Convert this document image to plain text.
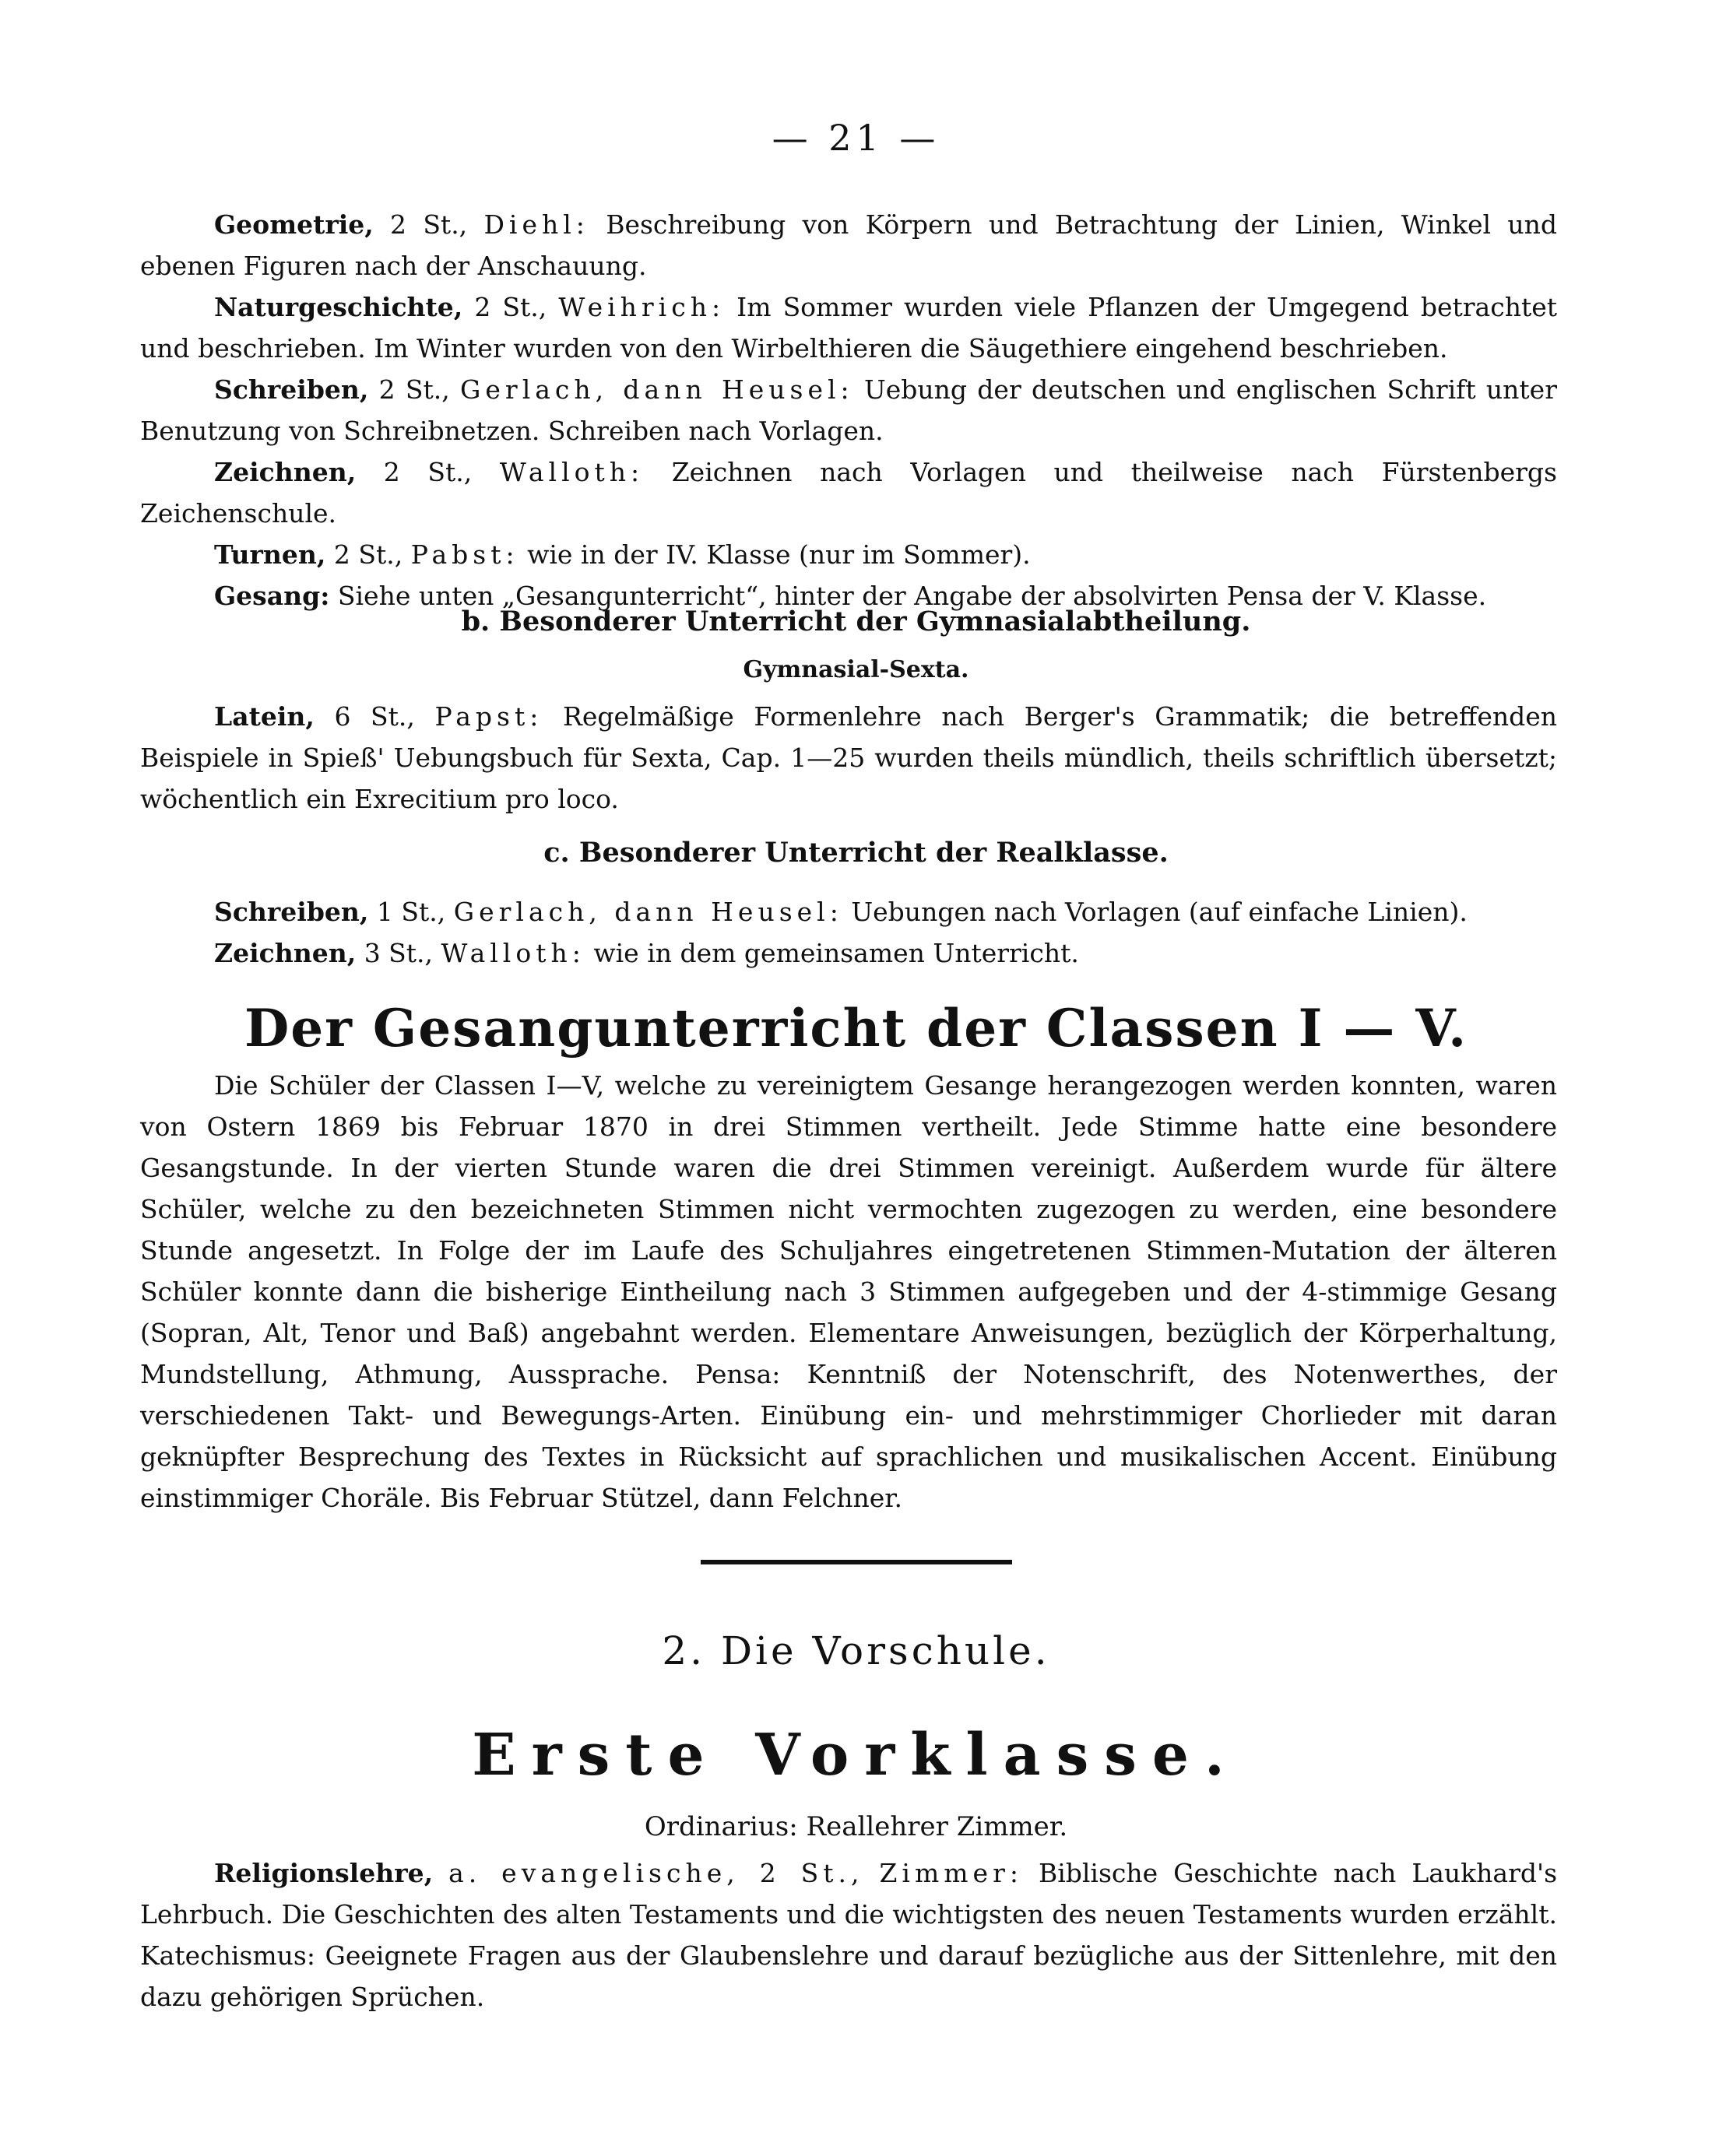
— 21 —

Geometrie, 2 St., Diehl: Beschreibung von Körpern und Betrachtung der Linien, Winkel und ebenen Figuren nach der Anschauung.

Naturgeschichte, 2 St., Weihrich: Im Sommer wurden viele Pflanzen der Umgegend betrachtet und beschrieben. Im Winter wurden von den Wirbelthieren die Säugethiere eingehend beschrieben.

Schreiben, 2 St., Gerlach, dann Heusel: Uebung der deutschen und englischen Schrift unter Benutzung von Schreibnetzen. Schreiben nach Vorlagen.

Zeichnen, 2 St., Walloth: Zeichnen nach Vorlagen und theilweise nach Fürstenbergs Zeichenschule.

Turnen, 2 St., Pabst: wie in der IV. Klasse (nur im Sommer).

Gesang: Siehe unten „Gesangunterricht“, hinter der Angabe der absolvirten Pensa der V. Klasse.

b. Besonderer Unterricht der Gymnasialabtheilung.
Gymnasial-Sexta.

Latein, 6 St., Papst: Regelmäßige Formenlehre nach Berger's Grammatik; die betreffenden Beispiele in Spieß' Uebungsbuch für Sexta, Cap. 1—25 wurden theils mündlich, theils schriftlich übersetzt; wöchentlich ein Exrecitium pro loco.

c. Besonderer Unterricht der Realklasse.

Schreiben, 1 St., Gerlach, dann Heusel: Uebungen nach Vorlagen (auf einfache Linien).

Zeichnen, 3 St., Walloth: wie in dem gemeinsamen Unterricht.

Der Gesangunterricht der Classen I — V.

Die Schüler der Classen I—V, welche zu vereinigtem Gesange herangezogen werden konnten, waren von Ostern 1869 bis Februar 1870 in drei Stimmen vertheilt. Jede Stimme hatte eine besondere Gesangstunde. In der vierten Stunde waren die drei Stimmen vereinigt. Außerdem wurde für ältere Schüler, welche zu den bezeichneten Stimmen nicht vermochten zugezogen zu werden, eine besondere Stunde angesetzt. In Folge der im Laufe des Schuljahres eingetretenen Stimmen-Mutation der älteren Schüler konnte dann die bisherige Eintheilung nach 3 Stimmen aufgegeben und der 4-stimmige Gesang (Sopran, Alt, Tenor und Baß) angebahnt werden. Elementare Anweisungen, bezüglich der Körperhaltung, Mundstellung, Athmung, Aussprache. Pensa: Kenntniß der Notenschrift, des Notenwerthes, der verschiedenen Takt- und Bewegungs-Arten. Einübung ein- und mehrstimmiger Chorlieder mit daran geknüpfter Besprechung des Textes in Rücksicht auf sprachlichen und musikalischen Accent. Einübung einstimmiger Choräle. Bis Februar Stützel, dann Felchner.

2. Die Vorschule.
Erste Vorklasse.
Ordinarius: Reallehrer Zimmer.

Religionslehre, a. evangelische, 2 St., Zimmer: Biblische Geschichte nach Laukhard's Lehrbuch. Die Geschichten des alten Testaments und die wichtigsten des neuen Testaments wurden erzählt. Katechismus: Geeignete Fragen aus der Glaubenslehre und darauf bezügliche aus der Sittenlehre, mit den dazu gehörigen Sprüchen.
